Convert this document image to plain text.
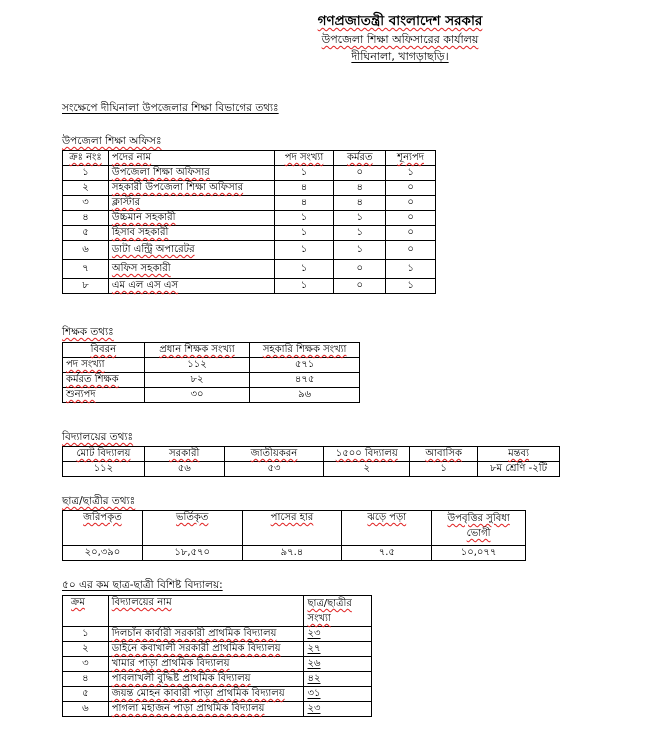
গণপ্রজাতন্ত্রী বাংলাদেশ সরকার
উপজেলা শিক্ষা অফিসারের কার্যালয়
দীঘিনালা, খাগড়াছড়ি।
সংক্ষেপে দীঘিনালা উপজেলার শিক্ষা বিভাগের তথ্যঃ
উপজেলা শিক্ষা অফিসঃ
ক্রঃ নংঃ	পদের নাম	পদ সংখ্যা	কর্মরত	শূন্যপদ
১	উপজেলা শিক্ষা অফিসার	১	০	১
২	সহকারী উপজেলা শিক্ষা অফিসার	৪	৪	০
৩	ক্লাস্টার	৪	৪	০
৪	উচ্চমান সহকারী	১	১	০
৫	হিসাব সহকারী	১	১	০
৬	ডাটা এন্ট্রি অপারেটর	১	১	০
৭	অফিস সহকারী	১	০	১
৮	এম এল এস এস	১	০	১
শিক্ষক তথ্যঃ
বিবরন	প্রধান শিক্ষক সংখ্যা	সহকারি শিক্ষক সংখ্যা
পদ সংখ্যা	১১২	৫৭১
কর্মরত শিক্ষক	৮২	৪৭৫
শুন্যপদ	৩০	৯৬
বিদ্যালয়ের তথ্যঃ
মোট বিদ্যালয়	সরকারী	জাতীয়করন	১৫০০ বিদ্যালয়	আবাসিক	মন্তব্য
১১২	৫৬	৫৩	২	১	৮ম শ্রেণি -২টি
ছাত্র/ছাত্রীর তথ্যঃ
জরিপকৃত	ভর্তিকৃত	পাসের হার	ঝড়ে পড়া	উপবৃত্তির সুবিধা ভোগী
২০,৩৯০	১৮,৫৭০	৯৭.৪	৭.৫	১০,০৭৭
৫০ এর কম ছাত্র-ছাত্রী বিশিষ্ট বিদ্যালয়:
ক্রম	বিদ্যালয়ের নাম	ছাত্র/ছাত্রীর সংখ্যা
১	দিলচাঁন কার্বারী সরকারী প্রাথমিক বিদ্যালয়	২৩
২	ডাইনে কবাখালী সরকারী প্রাথমিক বিদ্যালয়	২৭
৩	খামার পাড়া প্রাথমিক বিদ্যালয়	২৬
৪	পাবলাখলী বুদ্ধিষ্ট প্রাথমিক বিদ্যালয়	৪২
৫	জয়ন্ত মোহন কাবারী পাড়া প্রাথমিক বিদ্যালয়	৩১
৬	পাগলা মহাজন পাড়া প্রাথমিক বিদ্যালয়	২৩
